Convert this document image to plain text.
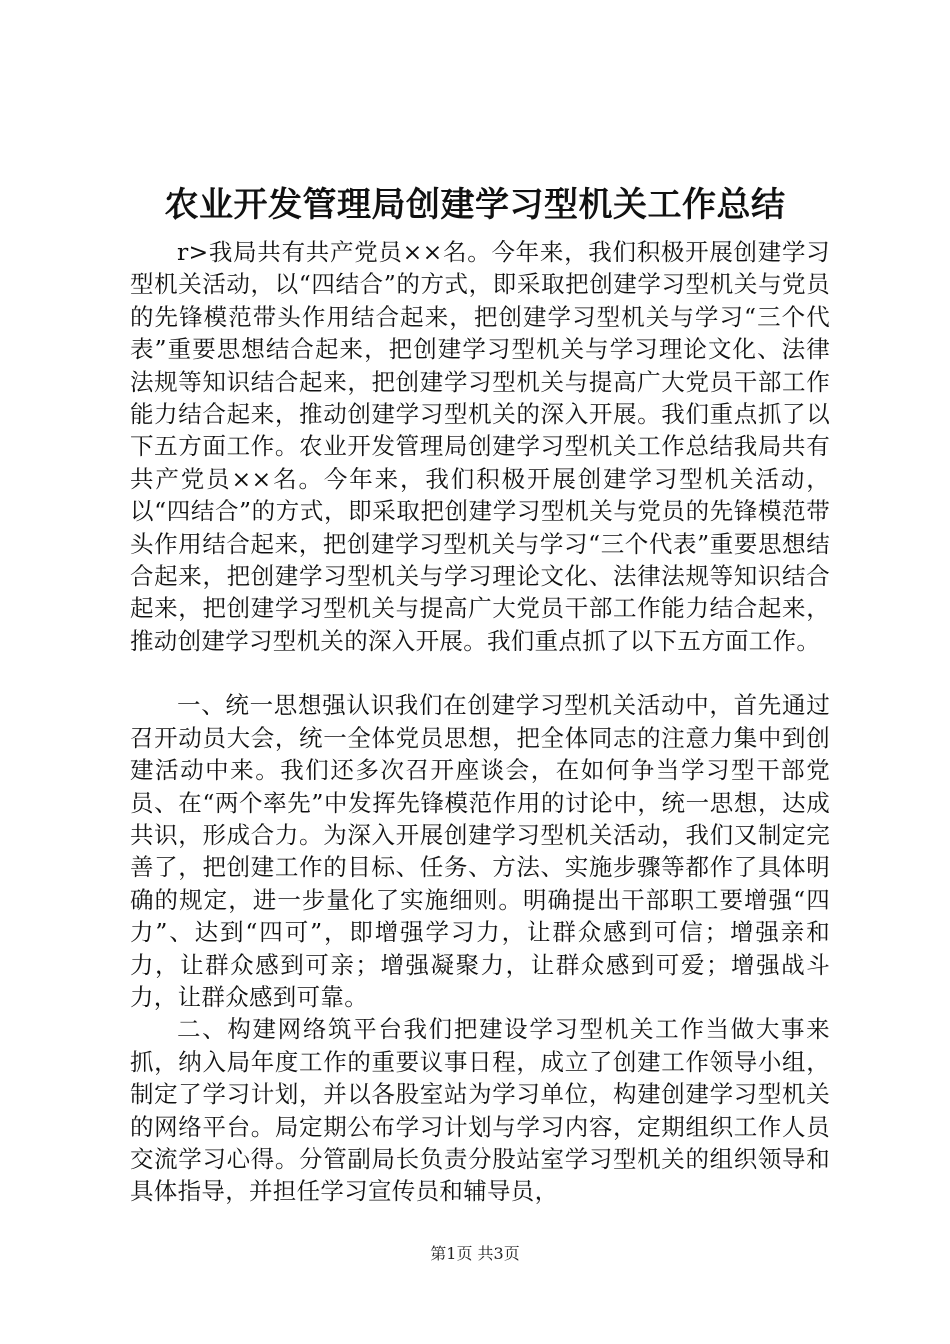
农业开发管理局创建学习型机关工作总结

r>我局共有共产党员××名。今年来，我们积极开展创建学习型机关活动，以“四结合”的方式，即采取把创建学习型机关与党员的先锋模范带头作用结合起来，把创建学习型机关与学习“三个代表”重要思想结合起来，把创建学习型机关与学习理论文化、法律法规等知识结合起来，把创建学习型机关与提高广大党员干部工作能力结合起来，推动创建学习型机关的深入开展。我们重点抓了以下五方面工作。农业开发管理局创建学习型机关工作总结我局共有共产党员××名。今年来，我们积极开展创建学习型机关活动，以“四结合”的方式，即采取把创建学习型机关与党员的先锋模范带头作用结合起来，把创建学习型机关与学习“三个代表”重要思想结合起来，把创建学习型机关与学习理论文化、法律法规等知识结合起来，把创建学习型机关与提高广大党员干部工作能力结合起来，推动创建学习型机关的深入开展。我们重点抓了以下五方面工作。

一、统一思想强认识我们在创建学习型机关活动中，首先通过召开动员大会，统一全体党员思想，把全体同志的注意力集中到创建活动中来。我们还多次召开座谈会，在如何争当学习型干部党员、在“两个率先”中发挥先锋模范作用的讨论中，统一思想，达成共识，形成合力。为深入开展创建学习型机关活动，我们又制定完善了，把创建工作的目标、任务、方法、实施步骤等都作了具体明确的规定，进一步量化了实施细则。明确提出干部职工要增强“四力”、达到“四可”，即增强学习力，让群众感到可信；增强亲和力，让群众感到可亲；增强凝聚力，让群众感到可爱；增强战斗力，让群众感到可靠。

二、构建网络筑平台我们把建设学习型机关工作当做大事来抓，纳入局年度工作的重要议事日程，成立了创建工作领导小组，制定了学习计划，并以各股室站为学习单位，构建创建学习型机关的网络平台。局定期公布学习计划与学习内容，定期组织工作人员交流学习心得。分管副局长负责分股站室学习型机关的组织领导和具体指导，并担任学习宣传员和辅导员，

第1页 共3页
